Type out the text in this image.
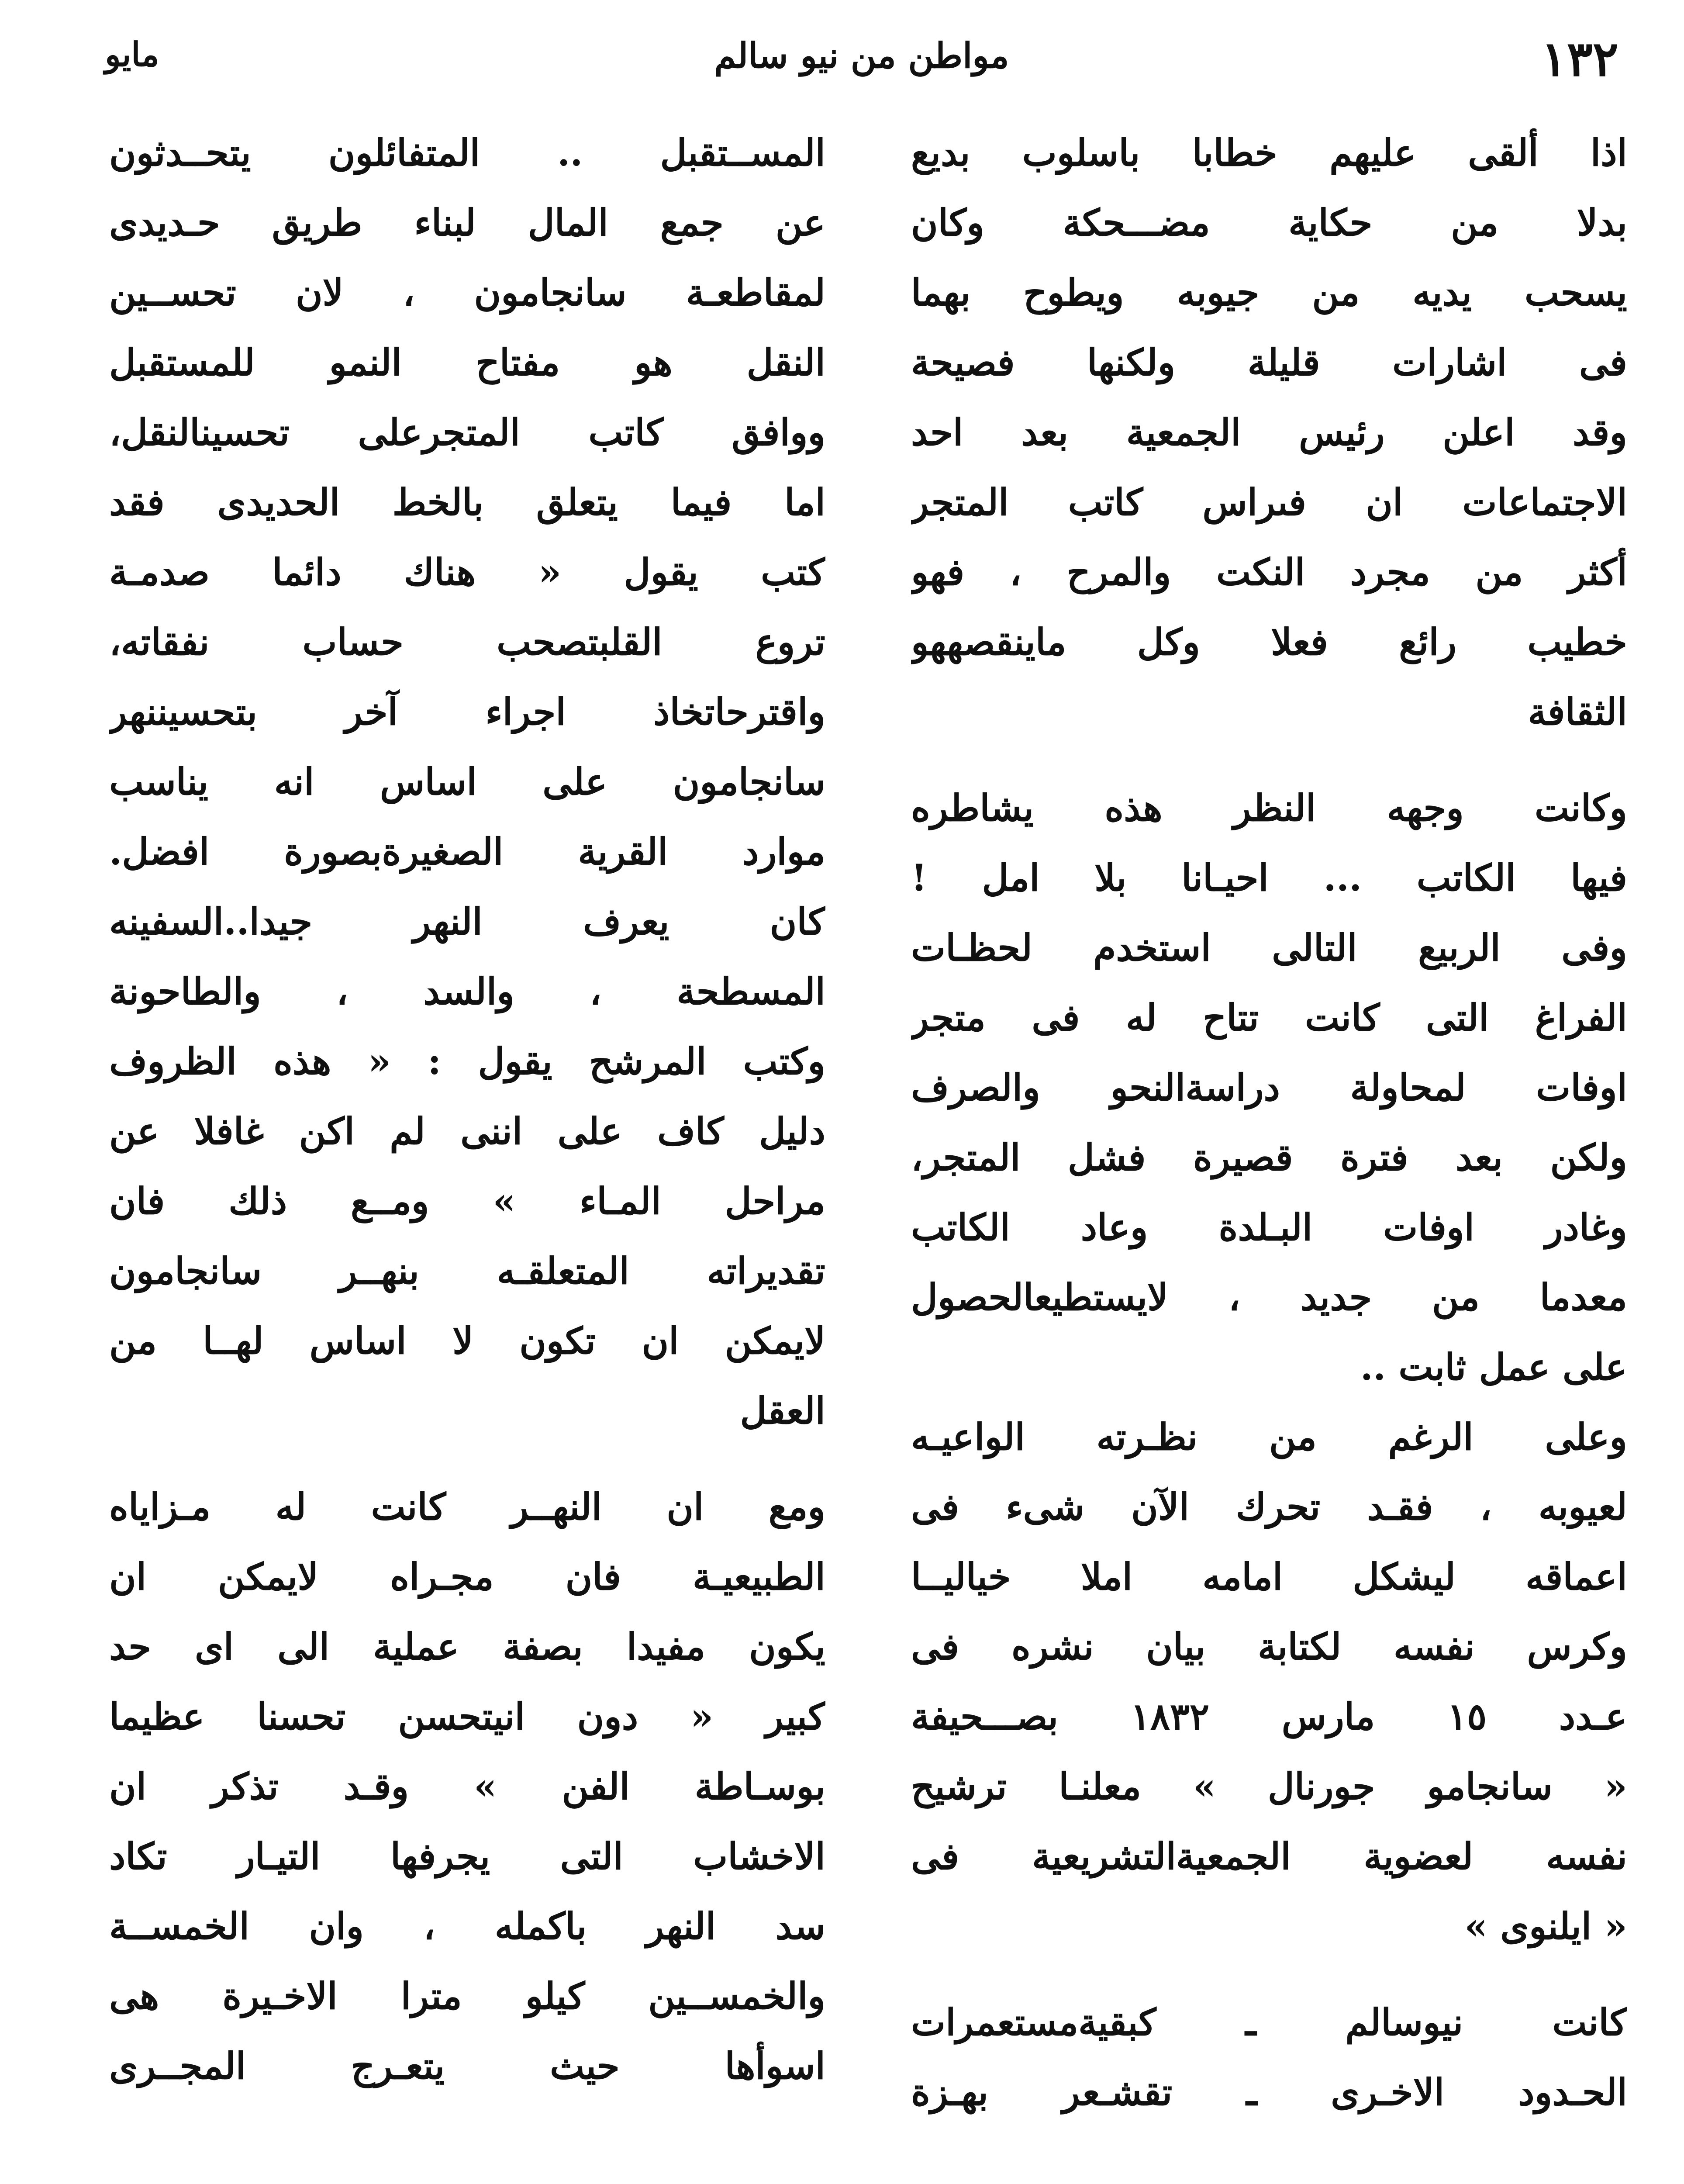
١٣٢
مواطن من نيو سالم
مايو
اذا ألقى عليهم خطابا باسلوب بديع
بدلا من حكاية مضـــحكة وكان
يسحب يديه من جيوبه ويطوح بهما
فى اشارات قليلة ولكنها فصيحة
وقد اعلن رئيس الجمعية بعد احد
الاجتماعات ان فىراس كاتب المتجر
أكثر من مجرد النكت والمرح ، فهو
خطيب رائع فعلا وكل ماينقصههو
الثقافة
وكانت وجهه النظر هذه يشاطره
فيها الكاتب ... احيـانا بلا امل !
وفى الربيع التالى استخدم لحظـات
الفراغ التى كانت تتاح له فى متجر
اوفات لمحاولة دراسةالنحو والصرف
ولكن بعد فترة قصيرة فشل المتجر،
وغادر اوفات البـلدة وعاد الكاتب
معدما من جديد ، لايستطيعالحصول
على عمل ثابت ..
وعلى الرغم من نظـرته الواعيـه
لعيوبه ، فقـد تحرك الآن شىء فى
اعماقه ليشكل امامه املا خياليــا
وكرس نفسه لكتابة بيان نشره فى
عـدد ١٥ مارس ١٨٣٢ بصـــحيفة
« سانجامو جورنال » معلنـا ترشيح
نفسه لعضوية الجمعيةالتشريعية فى
« ايلنوى »
كانت نيوسالم ـ كبقيةمستعمرات
الحـدود الاخـرى ـ تقشـعر بهـزة
المســتقبل .. المتفائلون يتحــدثون
عن جمع المال لبناء طريق حـديدى
لمقاطعـة سانجامون ، لان تحســين
النقل هو مفتاح النمو للمستقبل
ووافق كاتب المتجرعلى تحسينالنقل،
اما فيما يتعلق بالخط الحديدى فقد
كتب يقول « هناك دائما صدمـة
تروع القلبتصحب حساب نفقاته،
واقترحاتخاذ اجراء آخر بتحسيننهر
سانجامون على اساس انه يناسب
موارد القرية الصغيرةبصورة افضل.
كان يعرف النهر جيدا..السفينه
المسطحة ، والسد ، والطاحونة
وكتب المرشح يقول : « هذه الظروف
دليل كاف على اننى لم اكن غافلا عن
مراحل المـاء » ومــع ذلك فان
تقديراته المتعلقـه بنهــر سانجامون
لايمكن ان تكون لا اساس لهــا من
العقل
ومع ان النهــر كانت له مـزاياه
الطبيعيـة فان مجـراه لايمكن ان
يكون مفيدا بصفة عملية الى اى حد
كبير « دون انيتحسن تحسنا عظيما
بوسـاطة الفن » وقـد تذكر ان
الاخشاب التى يجرفها التيـار تكاد
سد النهر باكمله ، وان الخمســة
والخمســين كيلو مترا الاخـيرة هى
اسوأها حيث يتعـرج المجــرى
